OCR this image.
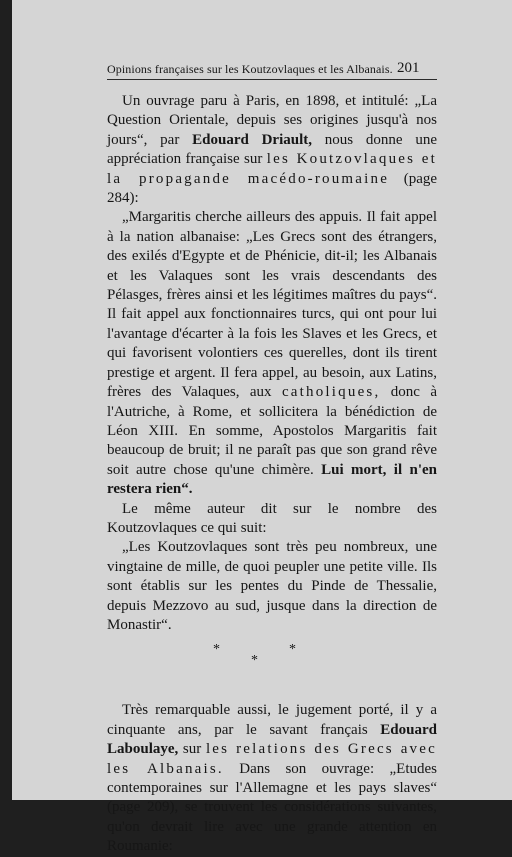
Opinions françaises sur les Koutzovlaques et les Albanais. 201

Un ouvrage paru à Paris, en 1898, et intitulé: „La Question Orientale, depuis ses origines jusqu'à nos jours“, par Edouard Driault, nous donne une appréciation française sur les Koutzovlaques et la propagande macédo-roumaine (page 284):

„Margaritis cherche ailleurs des appuis. Il fait appel à la nation albanaise: „Les Grecs sont des étrangers, des exilés d'Egypte et de Phénicie, dit-il; les Albanais et les Valaques sont les vrais descendants des Pélasges, frères ainsi et les légitimes maîtres du pays“. Il fait appel aux fonctionnaires turcs, qui ont pour lui l'avantage d'écarter à la fois les Slaves et les Grecs, et qui favorisent volontiers ces querelles, dont ils tirent prestige et argent. Il fera appel, au besoin, aux Latins, frères des Valaques, aux catholiques, donc à l'Autriche, à Rome, et sollicitera la bénédiction de Léon XIII. En somme, Apostolos Margaritis fait beaucoup de bruit; il ne paraît pas que son grand rêve soit autre chose qu'une chimère. Lui mort, il n'en restera rien“.

Le même auteur dit sur le nombre des Koutzovlaques ce qui suit:

„Les Koutzovlaques sont très peu nombreux, une vingtaine de mille, de quoi peupler une petite ville. Ils sont établis sur les pentes du Pinde de Thessalie, depuis Mezzovo au sud, jusque dans la direction de Monastir“.

*	*
*

Très remarquable aussi, le jugement porté, il y a cinquante ans, par le savant français Edouard Laboulaye, sur les relations des Grecs avec les Albanais. Dans son ouvrage: „Etudes contemporaines sur l'Allemagne et les pays slaves“ (page 209), se trouvent les considérations suivantes, qu'on devrait lire avec une grande attention en Roumanie:
